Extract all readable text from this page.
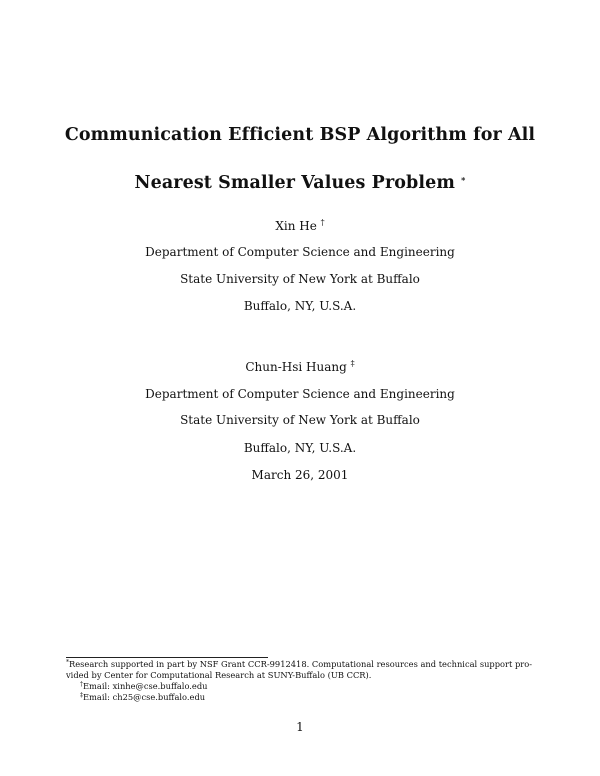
Communication Efficient BSP Algorithm for All
Nearest Smaller Values Problem *
Xin He †
Department of Computer Science and Engineering
State University of New York at Buffalo
Buffalo, NY, U.S.A.
Chun-Hsi Huang ‡
Department of Computer Science and Engineering
State University of New York at Buffalo
Buffalo, NY, U.S.A.
March 26, 2001
*Research supported in part by NSF Grant CCR-9912418. Computational resources and technical support pro-
vided by Center for Computational Research at SUNY-Buffalo (UB CCR).
†Email: xinhe@cse.buffalo.edu
‡Email: ch25@cse.buffalo.edu
1
